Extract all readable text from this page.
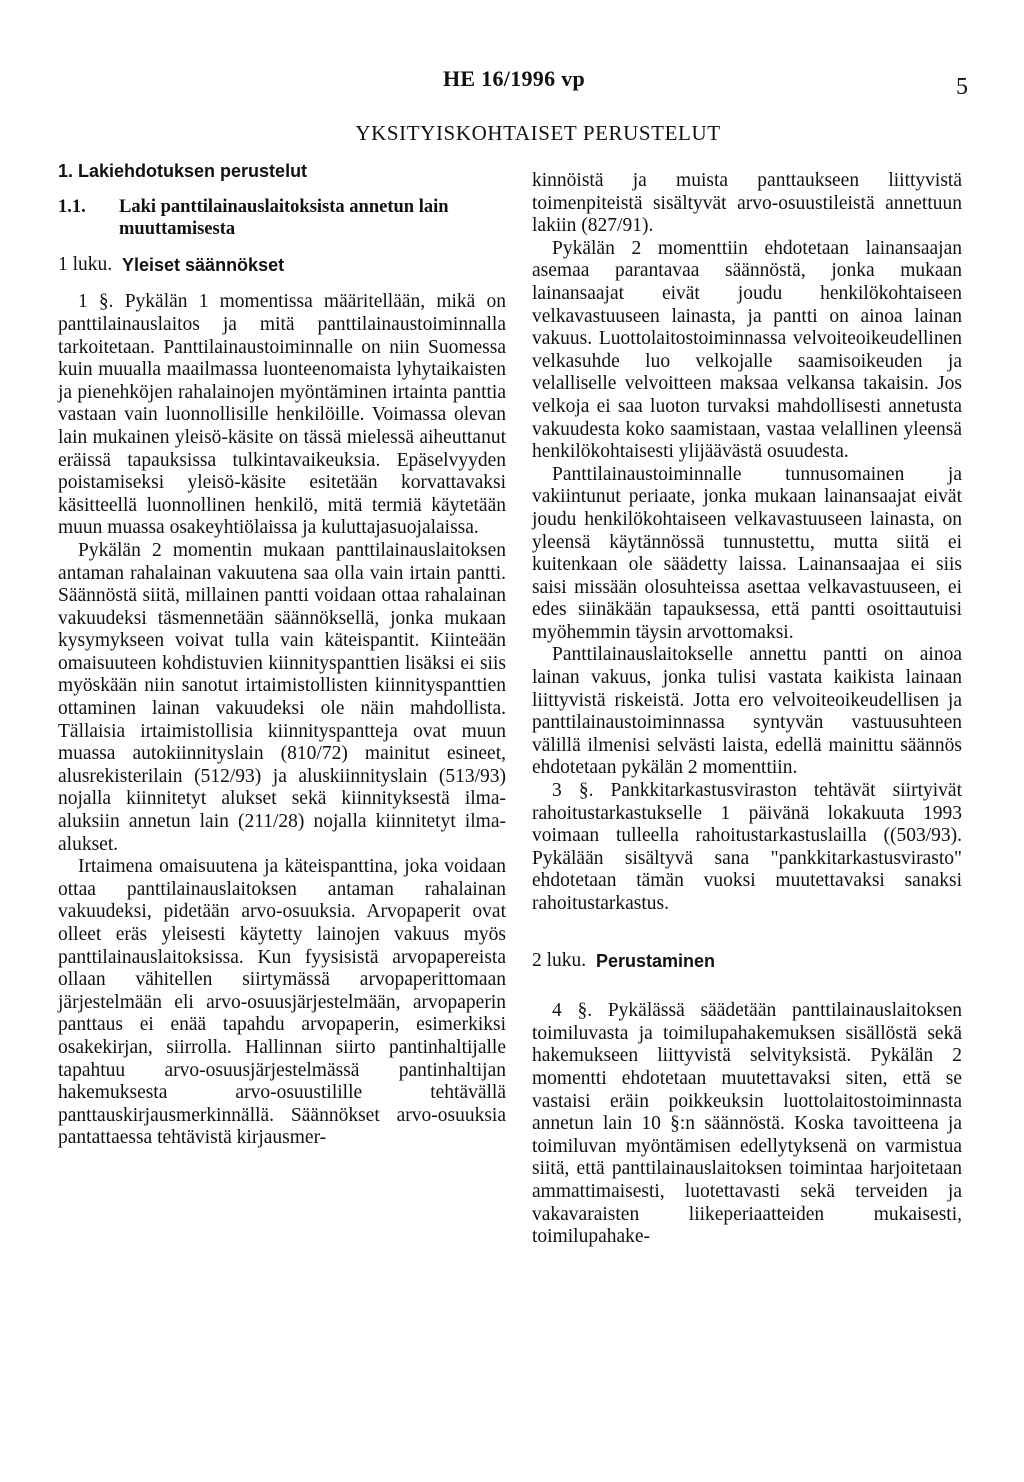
HE 16/1996 vp	5
YKSITYISKOHTAISET PERUSTELUT
1. Lakiehdotuksen perustelut
1.1.	Laki panttilainauslaitoksista annetun lain muuttamisesta
1 luku. Yleiset säännökset

1 §. Pykälän 1 momentissa määritellään, mikä on panttilainauslaitos ja mitä panttilainaustoiminnalla tarkoitetaan. Panttilainaustoiminnalle on niin Suomessa kuin muualla maailmassa luonteenomaista lyhytaikaisten ja pienehköjen rahalainojen myöntäminen irtainta panttia vastaan vain luonnollisille henkilöille. Voimassa olevan lain mukainen yleisö-käsite on tässä mielessä aiheuttanut eräissä tapauksissa tulkintavaikeuksia. Epäselvyyden poistamiseksi yleisö-käsite esitetään korvattavaksi käsitteellä luonnollinen henkilö, mitä termiä käytetään muun muassa osakeyhtiölaissa ja kuluttajasuojalaissa.

Pykälän 2 momentin mukaan panttilainauslaitoksen antaman rahalainan vakuutena saa olla vain irtain pantti. Säännöstä siitä, millainen pantti voidaan ottaa rahalainan vakuudeksi täsmennetään säännöksellä, jonka mukaan kysymykseen voivat tulla vain käteispantit. Kiinteään omaisuuteen kohdistuvien kiinnityspanttien lisäksi ei siis myöskään niin sanotut irtaimistollisten kiinnityspanttien ottaminen lainan vakuudeksi ole näin mahdollista. Tällaisia irtaimistollisia kiinnityspantteja ovat muun muassa autokiinnityslain (810/72) mainitut esineet, alusrekisterilain (512/93) ja aluskiinnityslain (513/93) nojalla kiinnitetyt alukset sekä kiinnityksestä ilma-aluksiin annetun lain (211/28) nojalla kiinnitetyt ilma-alukset.

Irtaimena omaisuutena ja käteispanttina, joka voidaan ottaa panttilainauslaitoksen antaman rahalainan vakuudeksi, pidetään arvo-osuuksia. Arvopaperit ovat olleet eräs yleisesti käytetty lainojen vakuus myös panttilainauslaitoksissa. Kun fyysisistä arvopapereista ollaan vähitellen siirtymässä arvopaperittomaan järjestelmään eli arvo-osuusjärjestelmään, arvopaperin panttaus ei enää tapahdu arvopaperin, esimerkiksi osakekirjan, siirrolla. Hallinnan siirto pantinhaltijalle tapahtuu arvo-osuusjärjestelmässä pantinhaltijan hakemuksesta arvo-osuustilille tehtävällä panttauskirjausmerkinnällä. Säännökset arvo-osuuksia pantattaessa tehtävistä kirjausmer-

kinnöistä ja muista panttaukseen liittyvistä toimenpiteistä sisältyvät arvo-osuustileistä annettuun lakiin (827/91).

Pykälän 2 momenttiin ehdotetaan lainansaajan asemaa parantavaa säännöstä, jonka mukaan lainansaajat eivät joudu henkilökohtaiseen velkavastuuseen lainasta, ja pantti on ainoa lainan vakuus. Luottolaitostoiminnassa velvoiteoikeudellinen velkasuhde luo velkojalle saamisoikeuden ja velalliselle velvoitteen maksaa velkansa takaisin. Jos velkoja ei saa luoton turvaksi mahdollisesti annetusta vakuudesta koko saamistaan, vastaa velallinen yleensä henkilökohtaisesti ylijäävästä osuudesta.

Panttilainaustoiminnalle tunnusomainen ja vakiintunut periaate, jonka mukaan lainansaajat eivät joudu henkilökohtaiseen velkavastuuseen lainasta, on yleensä käytännössä tunnustettu, mutta siitä ei kuitenkaan ole säädetty laissa. Lainansaajaa ei siis saisi missään olosuhteissa asettaa velkavastuuseen, ei edes siinäkään tapauksessa, että pantti osoittautuisi myöhemmin täysin arvottomaksi.

Panttilainauslaitokselle annettu pantti on ainoa lainan vakuus, jonka tulisi vastata kaikista lainaan liittyvistä riskeistä. Jotta ero velvoiteoikeudellisen ja panttilainaustoiminnassa syntyvän vastuusuhteen välillä ilmenisi selvästi laista, edellä mainittu säännös ehdotetaan pykälän 2 momenttiin.

3 §. Pankkitarkastusviraston tehtävät siirtyivät rahoitustarkastukselle 1 päivänä lokakuuta 1993 voimaan tulleella rahoitustarkastuslailla ((503/93). Pykälään sisältyvä sana "pankkitarkastusvirasto" ehdotetaan tämän vuoksi muutettavaksi sanaksi rahoitustarkastus.

2 luku. Perustaminen

4 §. Pykälässä säädetään panttilainauslaitoksen toimiluvasta ja toimilupahakemuksen sisällöstä sekä hakemukseen liittyvistä selvityksistä. Pykälän 2 momentti ehdotetaan muutettavaksi siten, että se vastaisi eräin poikkeuksin luottolaitostoiminnasta annetun lain 10 §:n säännöstä. Koska tavoitteena ja toimiluvan myöntämisen edellytyksenä on varmistua siitä, että panttilainauslaitoksen toimintaa harjoitetaan ammattimaisesti, luotettavasti sekä terveiden ja vakavaraisten liikeperiaatteiden mukaisesti, toimilupahake-
